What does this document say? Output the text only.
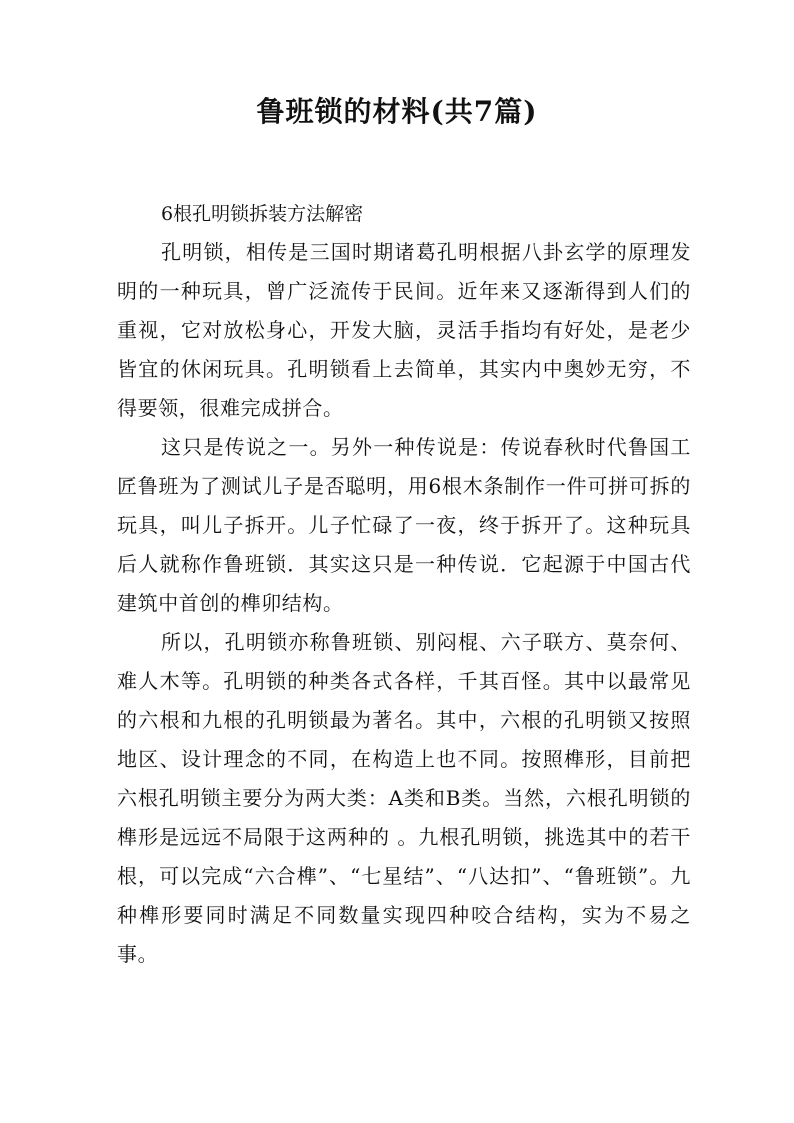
鲁班锁的材料(共7篇)
6根孔明锁拆装方法解密

孔明锁，相传是三国时期诸葛孔明根据八卦玄学的原理发明的一种玩具，曾广泛流传于民间。近年来又逐渐得到人们的重视，它对放松身心，开发大脑，灵活手指均有好处，是老少皆宜的休闲玩具。孔明锁看上去简单，其实内中奥妙无穷，不得要领，很难完成拼合。

这只是传说之一。另外一种传说是：传说春秋时代鲁国工匠鲁班为了测试儿子是否聪明，用6根木条制作一件可拼可拆的玩具，叫儿子拆开。儿子忙碌了一夜，终于拆开了。这种玩具后人就称作鲁班锁．其实这只是一种传说．它起源于中国古代建筑中首创的榫卯结构。

所以，孔明锁亦称鲁班锁、别闷棍、六子联方、莫奈何、难人木等。孔明锁的种类各式各样，千其百怪。其中以最常见的六根和九根的孔明锁最为著名。其中，六根的孔明锁又按照地区、设计理念的不同，在构造上也不同。按照榫形，目前把六根孔明锁主要分为两大类：A类和B类。当然，六根孔明锁的榫形是远远不局限于这两种的 。九根孔明锁，挑选其中的若干根，可以完成“六合榫”、“七星结”、“八达扣”、“鲁班锁”。九种榫形要同时满足不同数量实现四种咬合结构，实为不易之事。
